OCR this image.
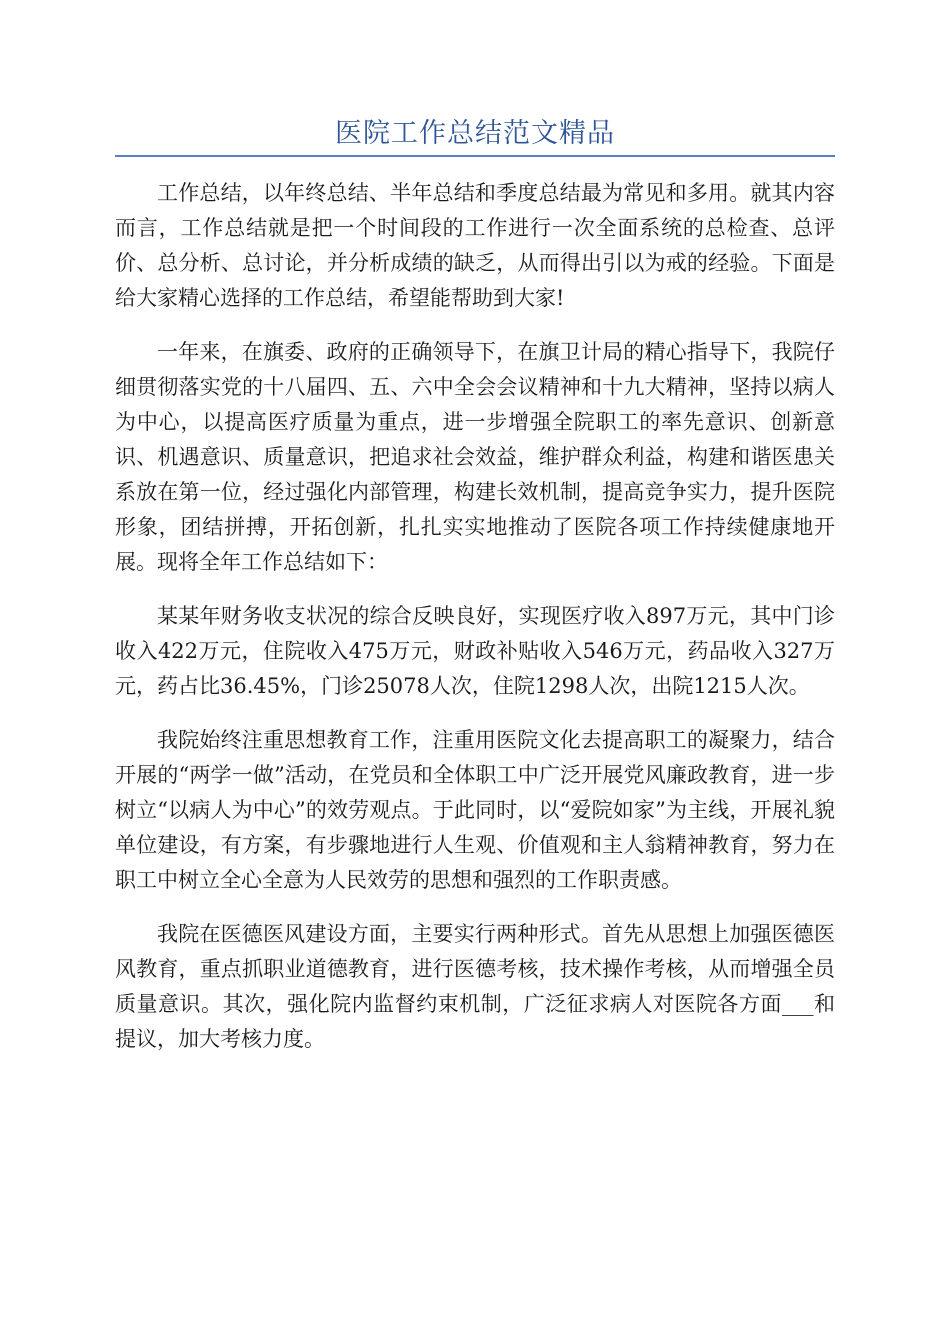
医院工作总结范文精品

工作总结，以年终总结、半年总结和季度总结最为常见和多用。就其内容而言，工作总结就是把一个时间段的工作进行一次全面系统的总检查、总评价、总分析、总讨论，并分析成绩的缺乏，从而得出引以为戒的经验。下面是给大家精心选择的工作总结，希望能帮助到大家!

一年来，在旗委、政府的正确领导下，在旗卫计局的精心指导下，我院仔细贯彻落实党的十八届四、五、六中全会会议精神和十九大精神，坚持以病人为中心，以提高医疗质量为重点，进一步增强全院职工的率先意识、创新意识、机遇意识、质量意识，把追求社会效益，维护群众利益，构建和谐医患关系放在第一位，经过强化内部管理，构建长效机制，提高竞争实力，提升医院形象，团结拼搏，开拓创新，扎扎实实地推动了医院各项工作持续健康地开展。现将全年工作总结如下：

某某年财务收支状况的综合反映良好，实现医疗收入897万元，其中门诊收入422万元，住院收入475万元，财政补贴收入546万元，药品收入327万元，药占比36.45%，门诊25078人次，住院1298人次，出院1215人次。

我院始终注重思想教育工作，注重用医院文化去提高职工的凝聚力，结合开展的“两学一做”活动，在党员和全体职工中广泛开展党风廉政教育，进一步树立“以病人为中心”的效劳观点。于此同时，以“爱院如家”为主线，开展礼貌单位建设，有方案，有步骤地进行人生观、价值观和主人翁精神教育，努力在职工中树立全心全意为人民效劳的思想和强烈的工作职责感。

我院在医德医风建设方面，主要实行两种形式。首先从思想上加强医德医风教育，重点抓职业道德教育，进行医德考核，技术操作考核，从而增强全员质量意识。其次，强化院内监督约束机制，广泛征求病人对医院各方面___和提议，加大考核力度。
